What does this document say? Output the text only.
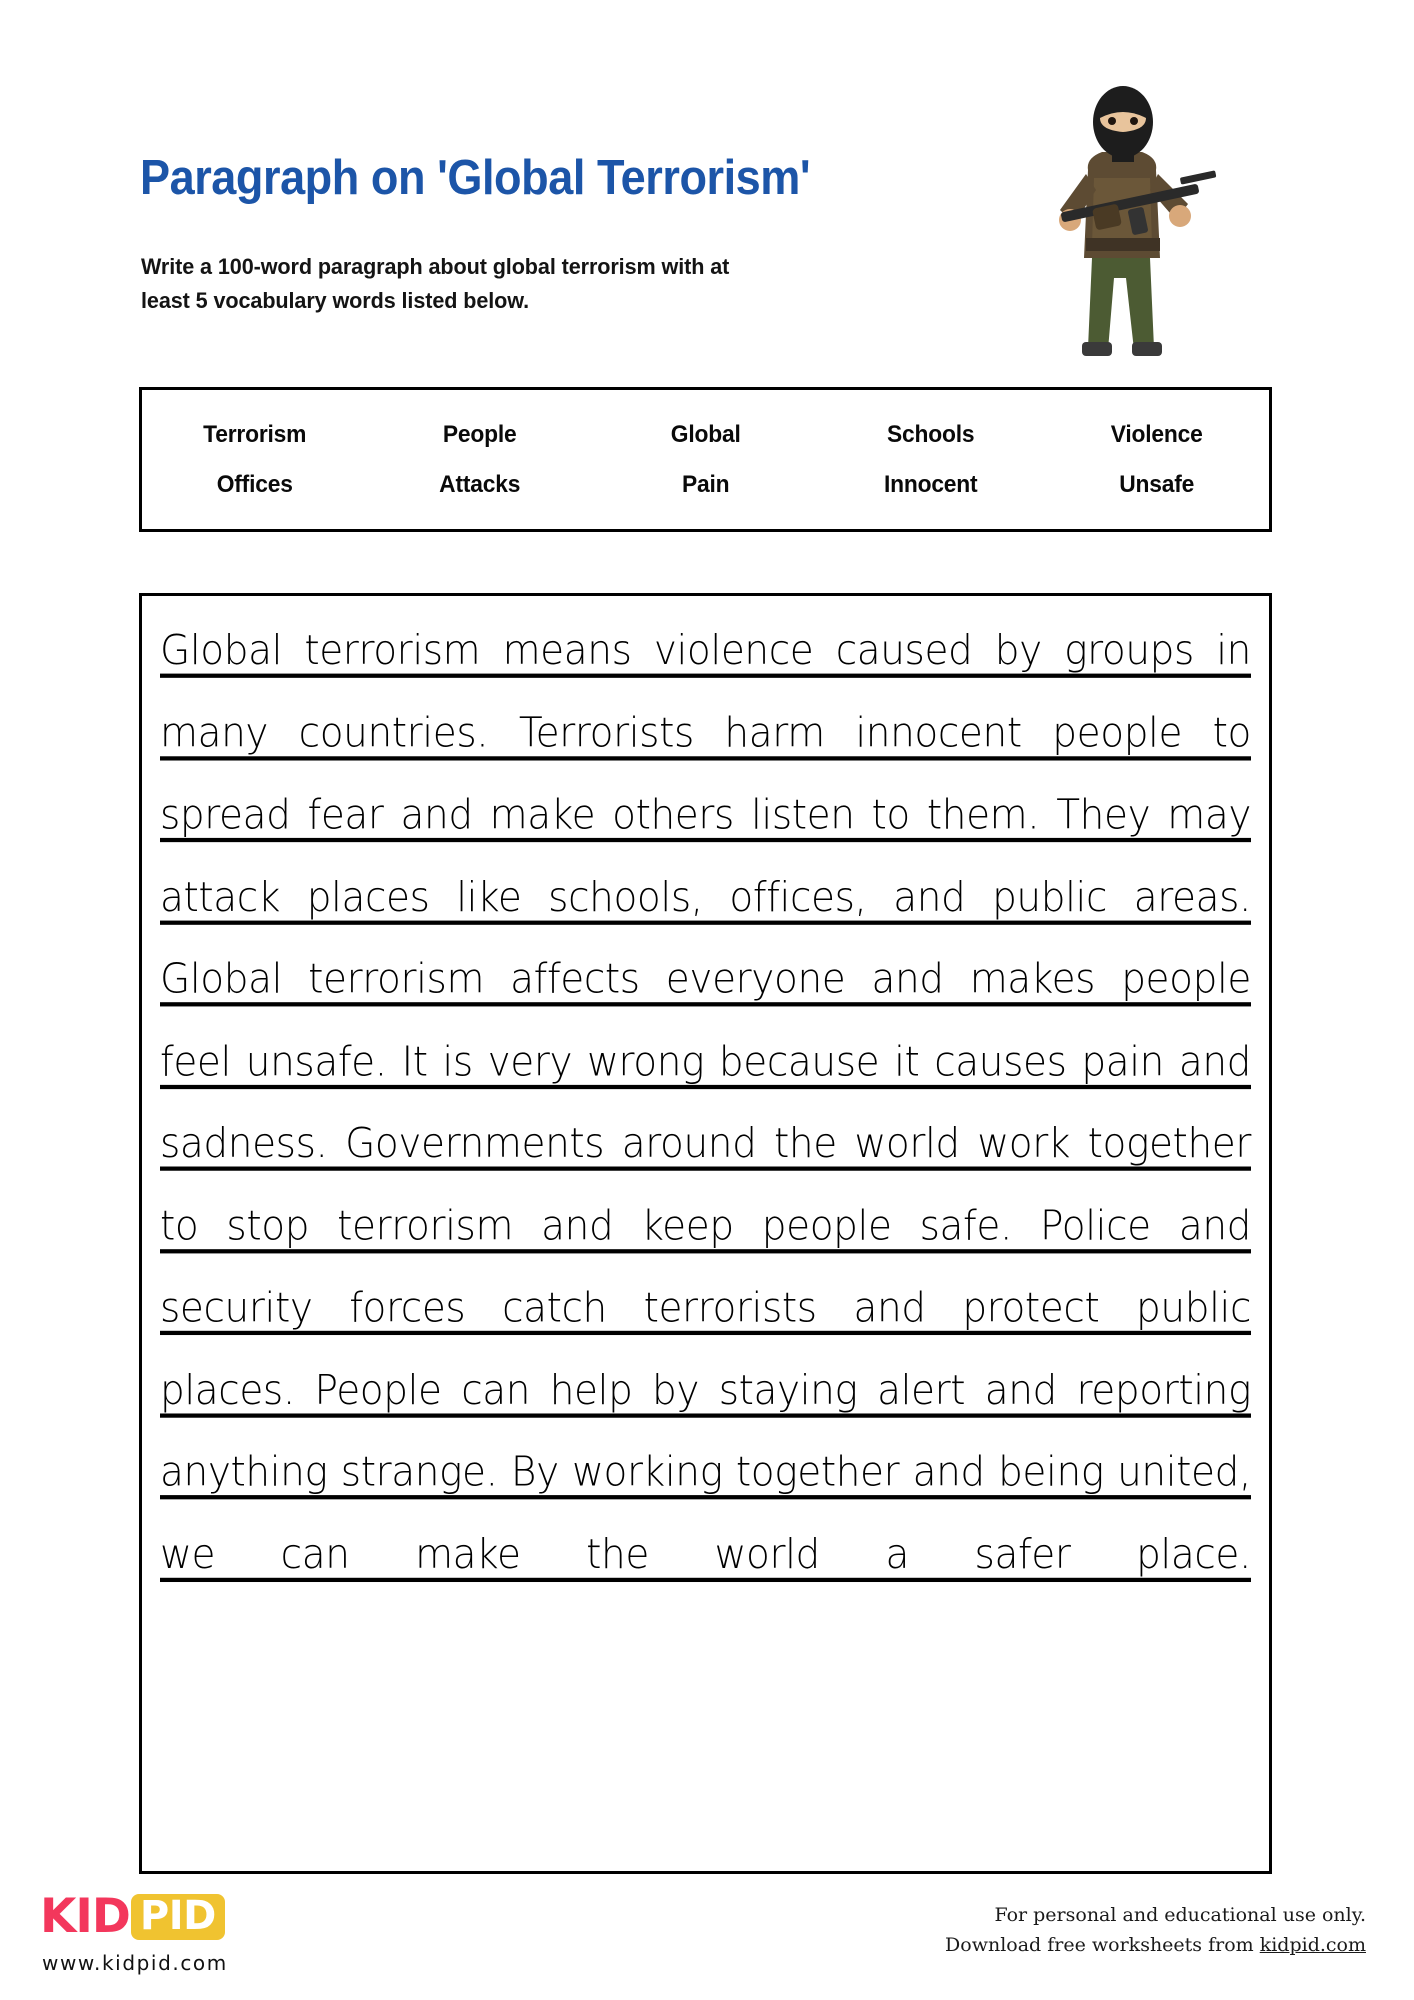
Paragraph on 'Global Terrorism'
Write a 100-word paragraph about global terrorism with at least 5 vocabulary words listed below.
Terrorism	People	Global	Schools	Violence
Offices	Attacks	Pain	Innocent	Unsafe
Global terrorism means violence caused by groups in many countries. Terrorists harm innocent people to spread fear and make others listen to them. They may attack places like schools, offices, and public areas. Global terrorism affects everyone and makes people feel unsafe. It is very wrong because it causes pain and sadness. Governments around the world work together to stop terrorism and keep people safe. Police and security forces catch terrorists and protect public places. People can help by staying alert and reporting anything strange. By working together and being united, we can make the world a safer place.
KID PID
www.kidpid.com
For personal and educational use only.
Download free worksheets from kidpid.com
